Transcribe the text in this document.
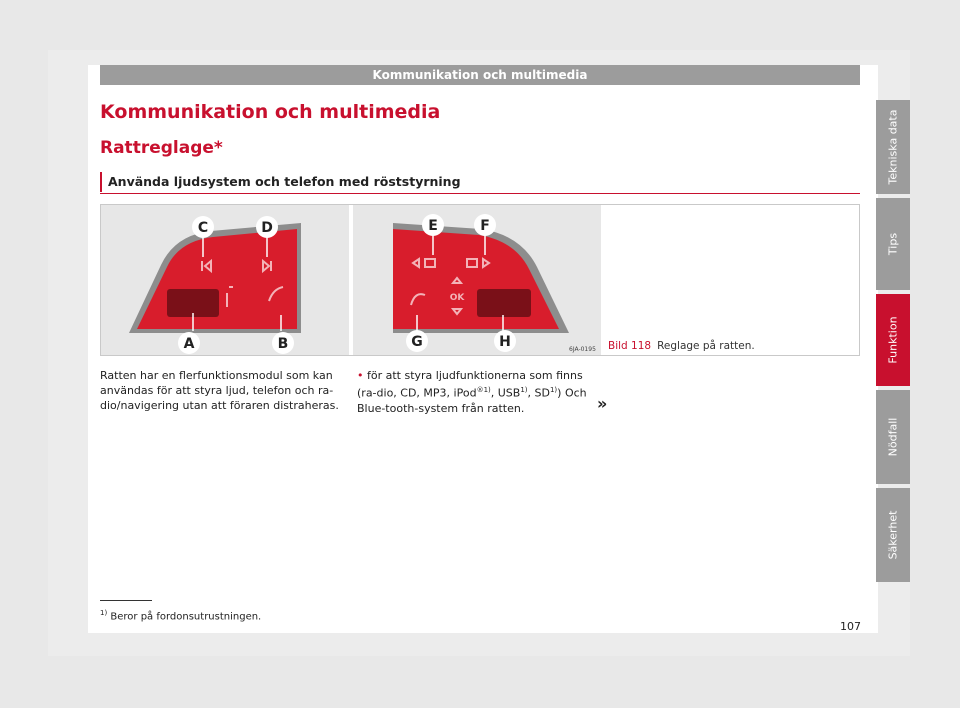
Kommunikation och multimedia
Kommunikation och multimedia
Rattreglage*
Använda ljudsystem och telefon med röststyrning
C	D
A	B
OK
E	F
G	H	6JA-0195 Bild 118 Reglage på ratten.
Ratten har en flerfunktionsmodul som kan användas för att styra ljud, telefon och ra-dio/navigering utan att föraren distraheras.
• för att styra ljudfunktionerna som finns (ra-dio, CD, MP3, iPod$^{®1)}$, USB$^{1)}$, SD$^{1)}$) Och Blue-tooth-system från ratten.	»
$^{1)}$ Beror på fordonsutrustningen.
107
Tekniska data
Tips
Funktion
Nödfall
Säkerhet
